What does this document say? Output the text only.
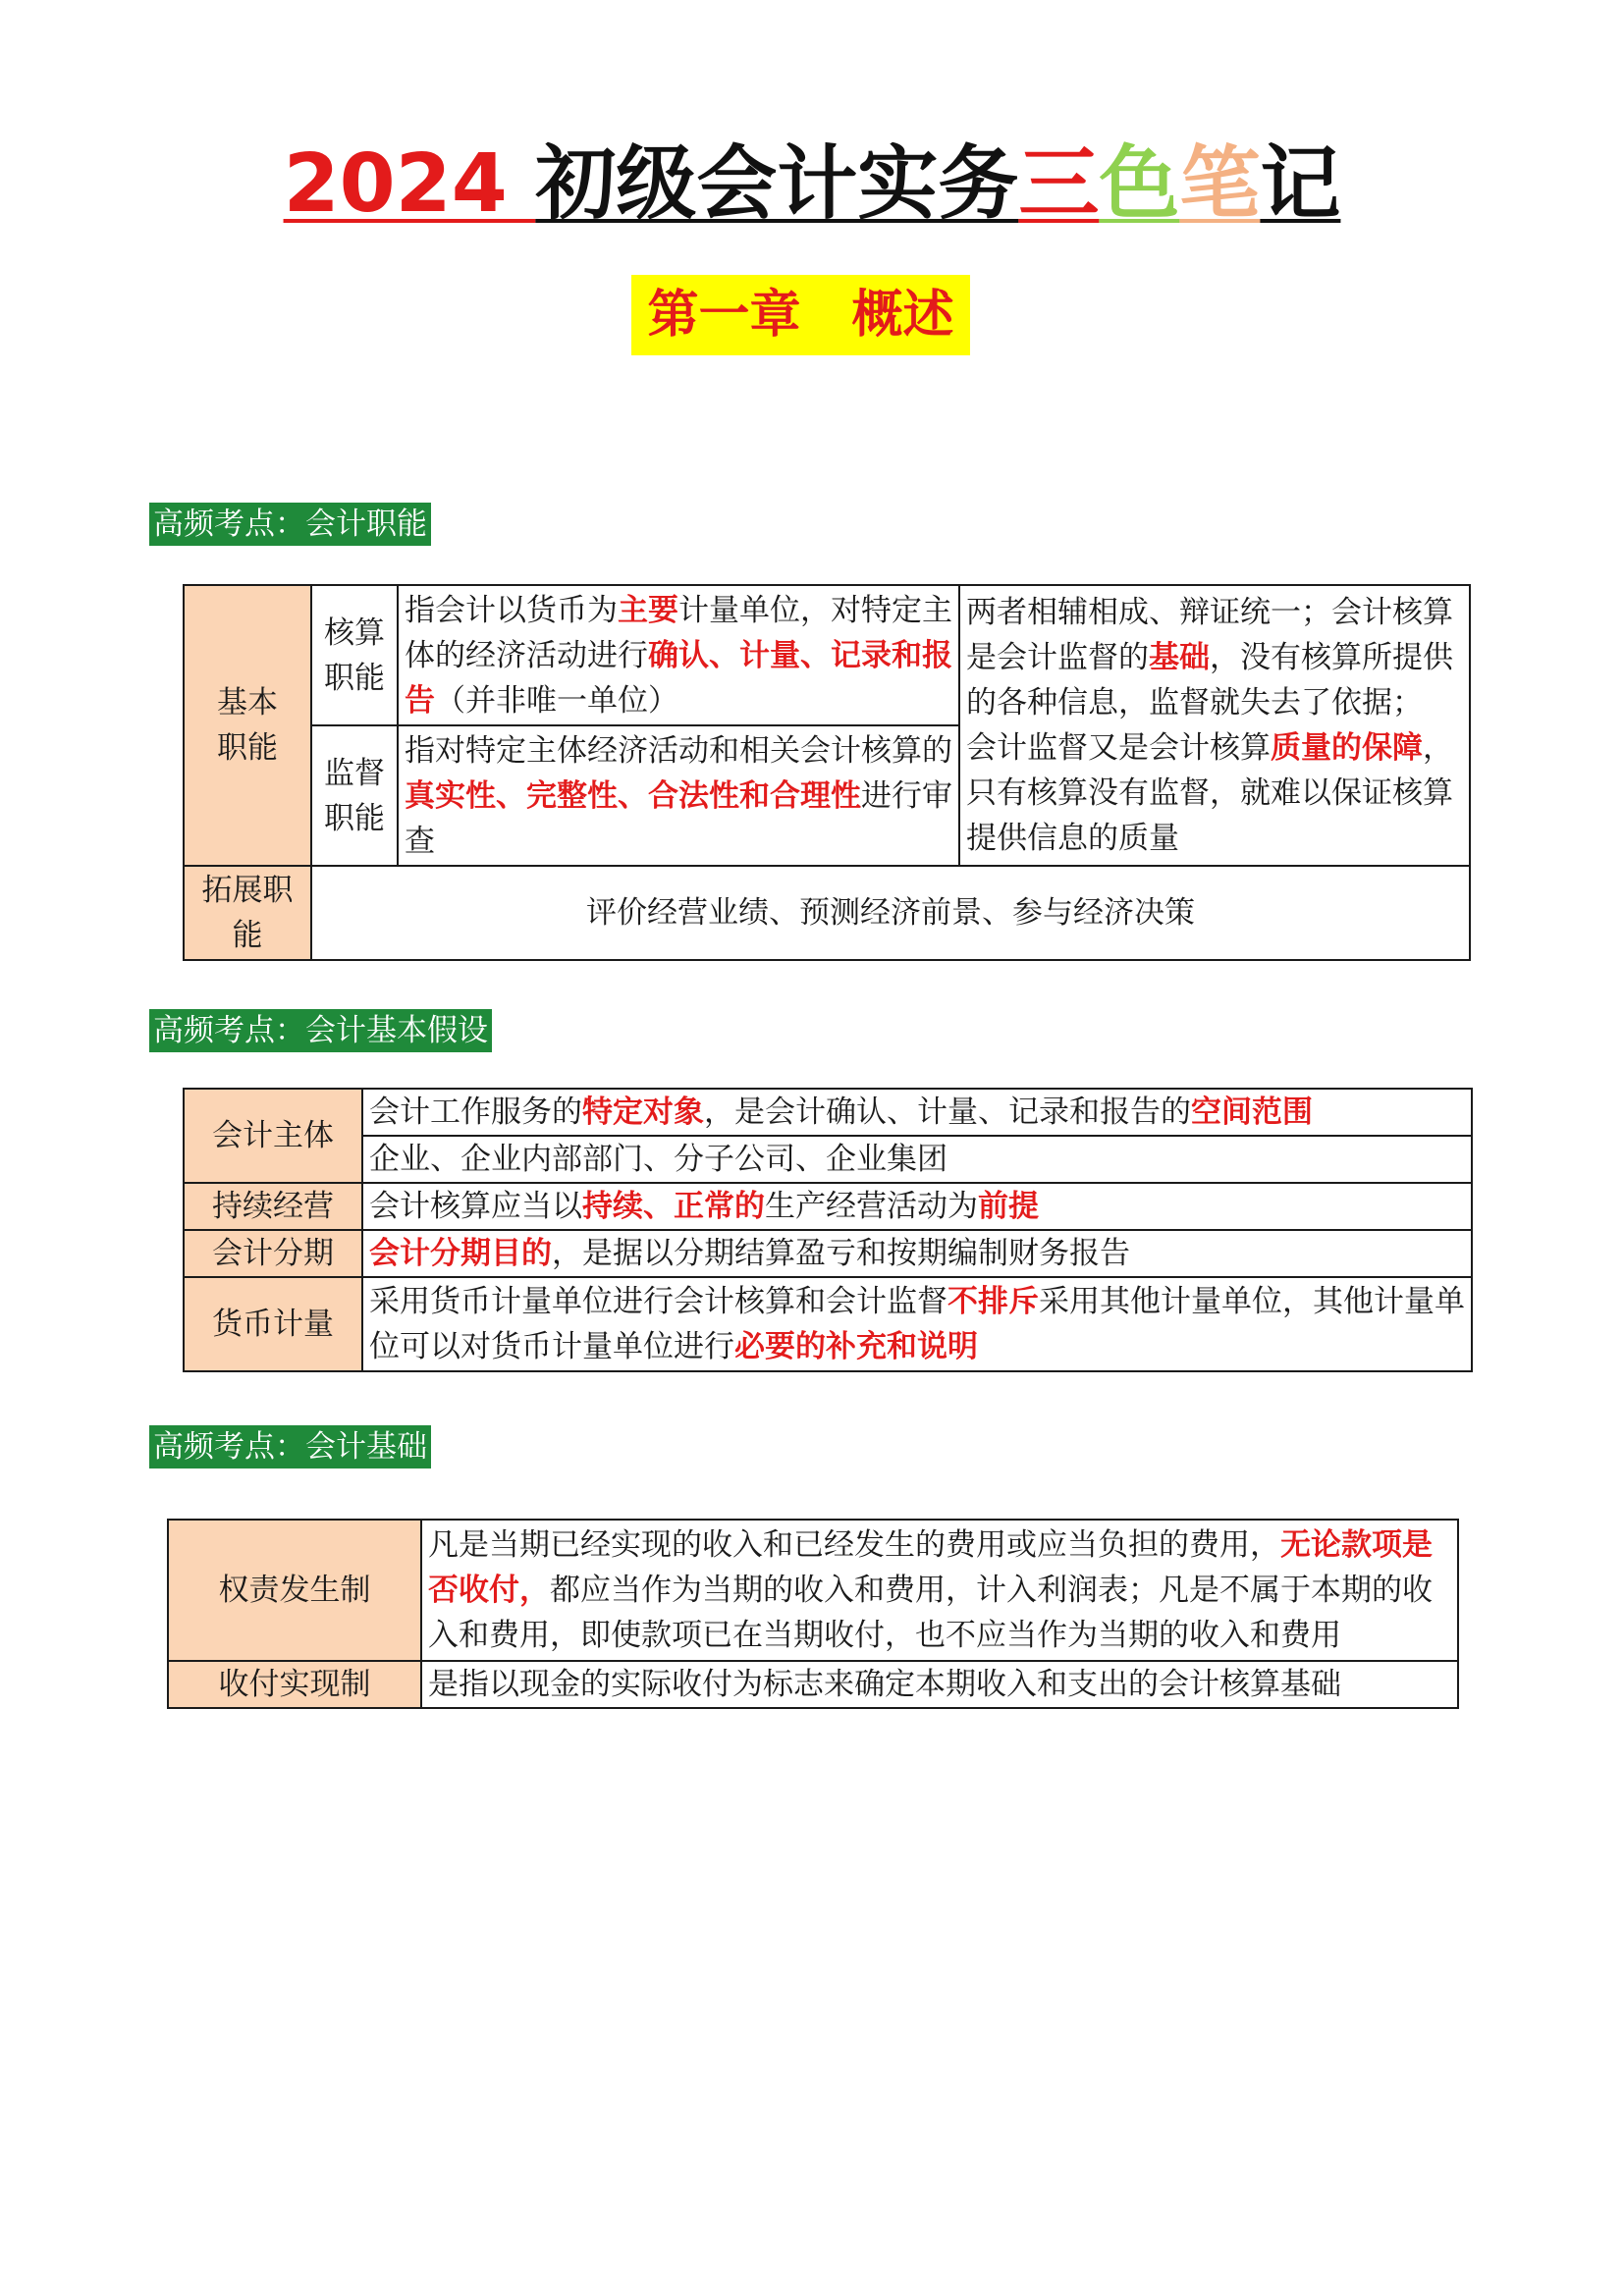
2024 初级会计实务三色笔记
第一章　概述
高频考点：会计职能
基本职能	核算职能	指会计以货币为主要计量单位，对特定主体的经济活动进行确认、计量、记录和报告（并非唯一单位）	两者相辅相成、辩证统一；会计核算是会计监督的基础，没有核算所提供的各种信息，监督就失去了依据；　会计监督又是会计核算质量的保障，只有核算没有监督，就难以保证核算提供信息的质量

	监督职能	指对特定主体经济活动和相关会计核算的真实性、完整性、合法性和合理性进行审查	

拓展职能	评价经营业绩、预测经济前景、参与经济决策		
高频考点：会计基本假设
会计主体	会计工作服务的特定对象，是会计确认、计量、记录和报告的空间范围
	企业、企业内部部门、分子公司、企业集团
持续经营	会计核算应当以持续、正常的生产经营活动为前提
会计分期	会计分期目的，是据以分期结算盈亏和按期编制财务报告
货币计量	采用货币计量单位进行会计核算和会计监督不排斥采用其他计量单位，其他计量单位可以对货币计量单位进行必要的补充和说明
高频考点：会计基础
权责发生制	凡是当期已经实现的收入和已经发生的费用或应当负担的费用，无论款项是否收付，都应当作为当期的收入和费用，计入利润表；凡是不属于本期的收入和费用，即使款项已在当期收付，也不应当作为当期的收入和费用
收付实现制	是指以现金的实际收付为标志来确定本期收入和支出的会计核算基础
